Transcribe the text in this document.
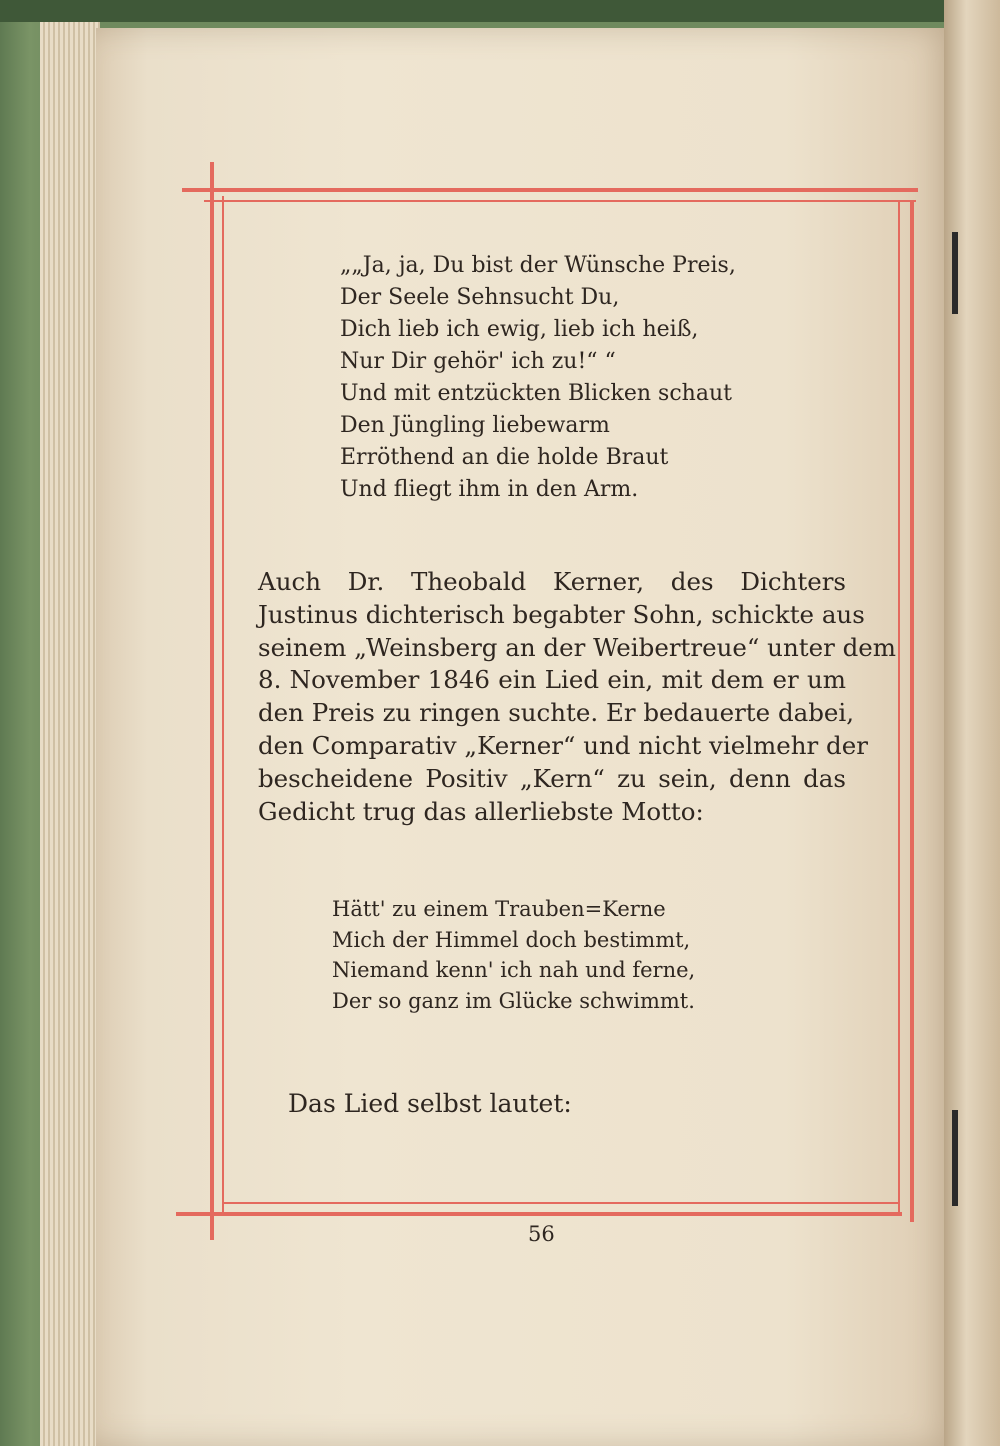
„„Ja, ja, Du bist der Wünsche Preis,
Der Seele Sehnsucht Du,
Dich lieb ich ewig, lieb ich heiß,
Nur Dir gehör' ich zu!“ “
Und mit entzückten Blicken schaut
Den Jüngling liebewarm
Erröthend an die holde Braut
Und fliegt ihm in den Arm.
Auch Dr. Theobald Kerner, des Dichters
Justinus dichterisch begabter Sohn, schickte aus
seinem „Weinsberg an der Weibertreue“ unter dem
8. November 1846 ein Lied ein, mit dem er um
den Preis zu ringen suchte. Er bedauerte dabei,
den Comparativ „Kerner“ und nicht vielmehr der
bescheidene Positiv „Kern“ zu sein, denn das
Gedicht trug das allerliebste Motto:
Hätt' zu einem Trauben=Kerne
Mich der Himmel doch bestimmt,
Niemand kenn' ich nah und ferne,
Der so ganz im Glücke schwimmt.
Das Lied selbst lautet:
56
